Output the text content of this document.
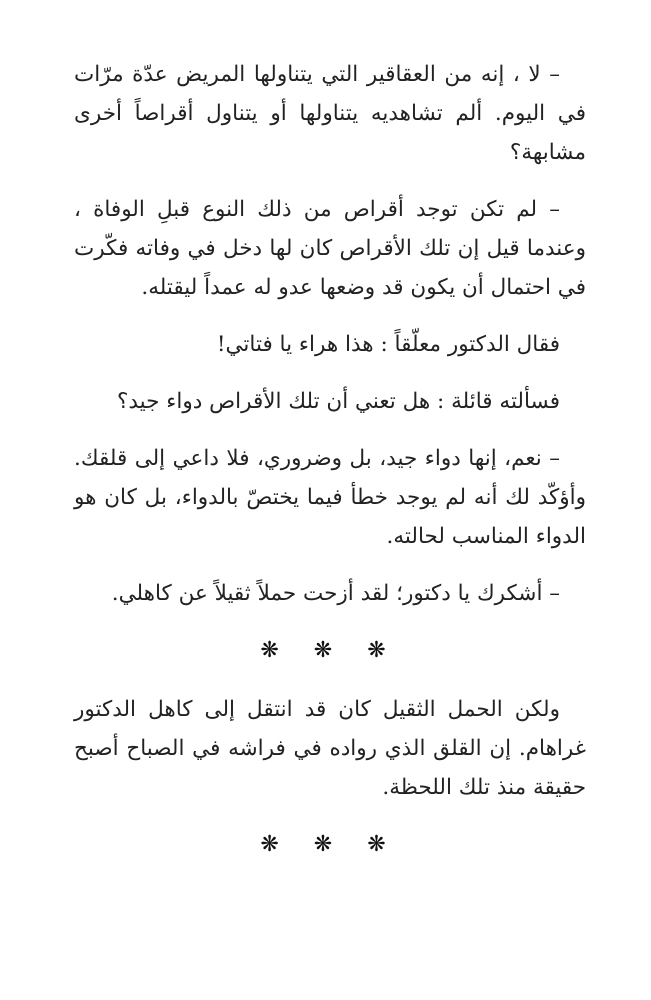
– لا ، إنه من العقاقير التي يتناولها المريض عدّة مرّات في اليوم. ألم تشاهديه يتناولها أو يتناول أقراصاً أخرى مشابهة؟

– لم تكن توجد أقراص من ذلك النوع قبلِ الوفاة ، وعندما قيل إن تلك الأقراص كان لها دخل في وفاته فكّرت في احتمال أن يكون قد وضعها عدو له عمداً ليقتله.

فقال الدكتور معلّقاً : هذا هراء يا فتاتي!

فسألته قائلة : هل تعني أن تلك الأقراص دواء جيد؟

– نعم، إنها دواء جيد، بل وضروري، فلا داعي إلى قلقك. وأؤكّد لك أنه لم يوجد خطأ فيما يختصّ بالدواء، بل كان هو الدواء المناسب لحالته.

– أشكرك يا دكتور؛ لقد أزحت حملاً ثقيلاً عن كاهلي.

❋ ❋ ❋

ولكن الحمل الثقيل كان قد انتقل إلى كاهل الدكتور غراهام. إن القلق الذي رواده في فراشه في الصباح أصبح حقيقة منذ تلك اللحظة.

❋ ❋ ❋
